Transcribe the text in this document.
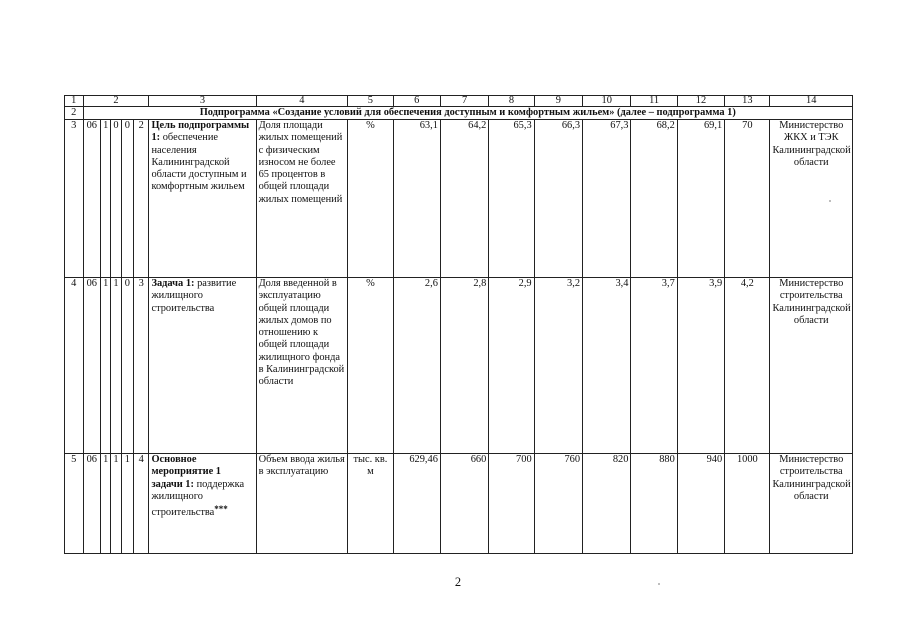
1	2					3	4	5	6	7	8	9	10	11	12	13	14
2	Подпрограмма «Создание условий для обеспечения доступным и комфортным жильем» (далее – подпрограмма 1)																
3	06	1	0	0	2	Цель подпрограммы 1: обеспечение населения Калининградской области доступным и комфортным жильем	Доля площади жилых помещений с физическим износом не более 65 процентов в общей площади жилых помещений	%	63,1	64,2	65,3	66,3	67,3	68,2	69,1	70	Министерство ЖКХ и ТЭК Калининградской области
4	06	1	1	0	3	Задача 1: развитие жилищного строительства	Доля введенной в эксплуатацию общей площади жилых домов по отношению к общей площади жилищного фонда в Калининградской области	%	2,6	2,8	2,9	3,2	3,4	3,7	3,9	4,2	Министерство строительства Калининградской области
5	06	1	1	1	4	Основное мероприятие 1 задачи 1: поддержка жилищного строительства***	Объем ввода жилья в эксплуатацию	тыс. кв. м	629,46	660	700	760	820	880	940	1000	Министерство строительства Калининградской области
2
